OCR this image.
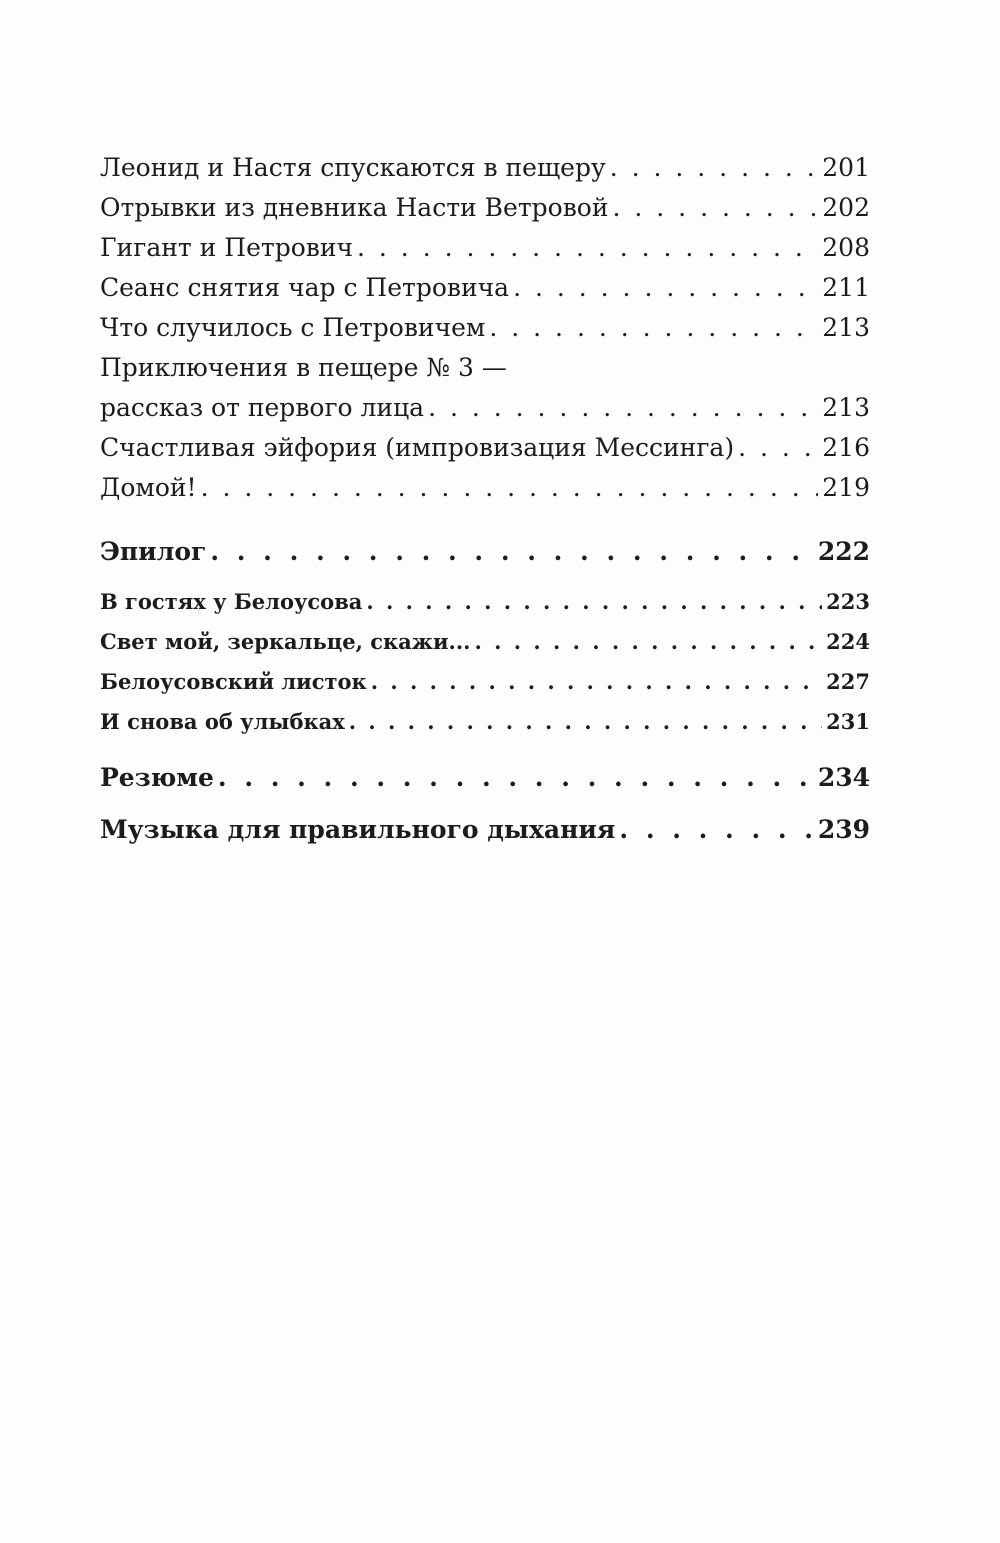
Леонид и Настя спускаются в пещеру . . .	201
Отрывки из дневника Насти Ветровой . . .	202
Гигант и Петрович . . .	208
Сеанс снятия чар с Петровича . . .	211
Что случилось с Петровичем . . .	213
Приключения в пещере № 3 —
рассказ от первого лица . . .	213
Счастливая эйфория (импровизация Мессинга) . . .	216
Домой! . . .	219
Эпилог . . .	222
В гостях у Белоусова . . .	223
Свет мой, зеркальце, скажи... . . .	224
Белоусовский листок . . .	227
И снова об улыбках . . .	231
Резюме . . .	234
Музыка для правильного дыхания . . .	239
